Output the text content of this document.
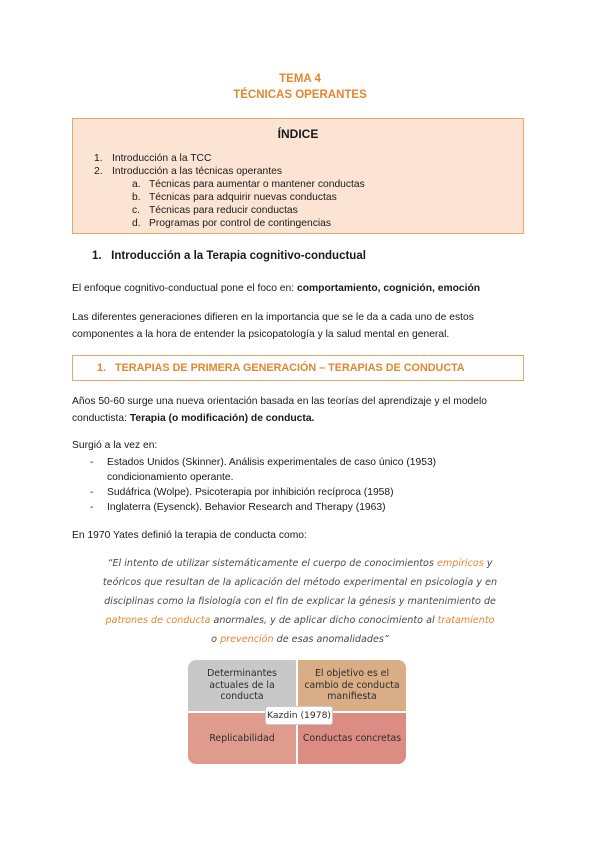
TEMA 4
TÉCNICAS OPERANTES
ÍNDICE
1. Introducción a la TCC
2. Introducción a las técnicas operantes
a. Técnicas para aumentar o mantener conductas
b. Técnicas para adquirir nuevas conductas
c. Técnicas para reducir conductas
d. Programas por control de contingencias
1.   Introducción a la Terapia cognitivo-conductual
El enfoque cognitivo-conductual pone el foco en: comportamiento, cognición, emoción
Las diferentes generaciones difieren en la importancia que se le da a cada uno de estos
componentes a la hora de entender la psicopatología y la salud mental en general.
1.   TERAPIAS DE PRIMERA GENERACIÓN – TERAPIAS DE CONDUCTA
Años 50-60 surge una nueva orientación basada en las teorías del aprendizaje y el modelo
conductista: Terapia (o modificación) de conducta.
Surgió a la vez en:
- Estados Unidos (Skinner). Análisis experimentales de caso único (1953)
condicionamiento operante.
- Sudáfrica (Wolpe). Psicoterapia por inhibición recíproca (1958)
- Inglaterra (Eysenck). Behavior Research and Therapy (1963)
En 1970 Yates definió la terapia de conducta como:
“El intento de utilizar sistemáticamente el cuerpo de conocimientos empíricos y
teóricos que resultan de la aplicación del método experimental en psicología y en
disciplinas como la fisiología con el fin de explicar la génesis y mantenimiento de
patrones de conducta anormales, y de aplicar dicho conocimiento al tratamiento
o prevención de esas anomalidades”
Determinantes actuales de la conducta
El objetivo es el cambio de conducta manifiesta
Replicabilidad	Conductas concretas
Kazdin (1978)
